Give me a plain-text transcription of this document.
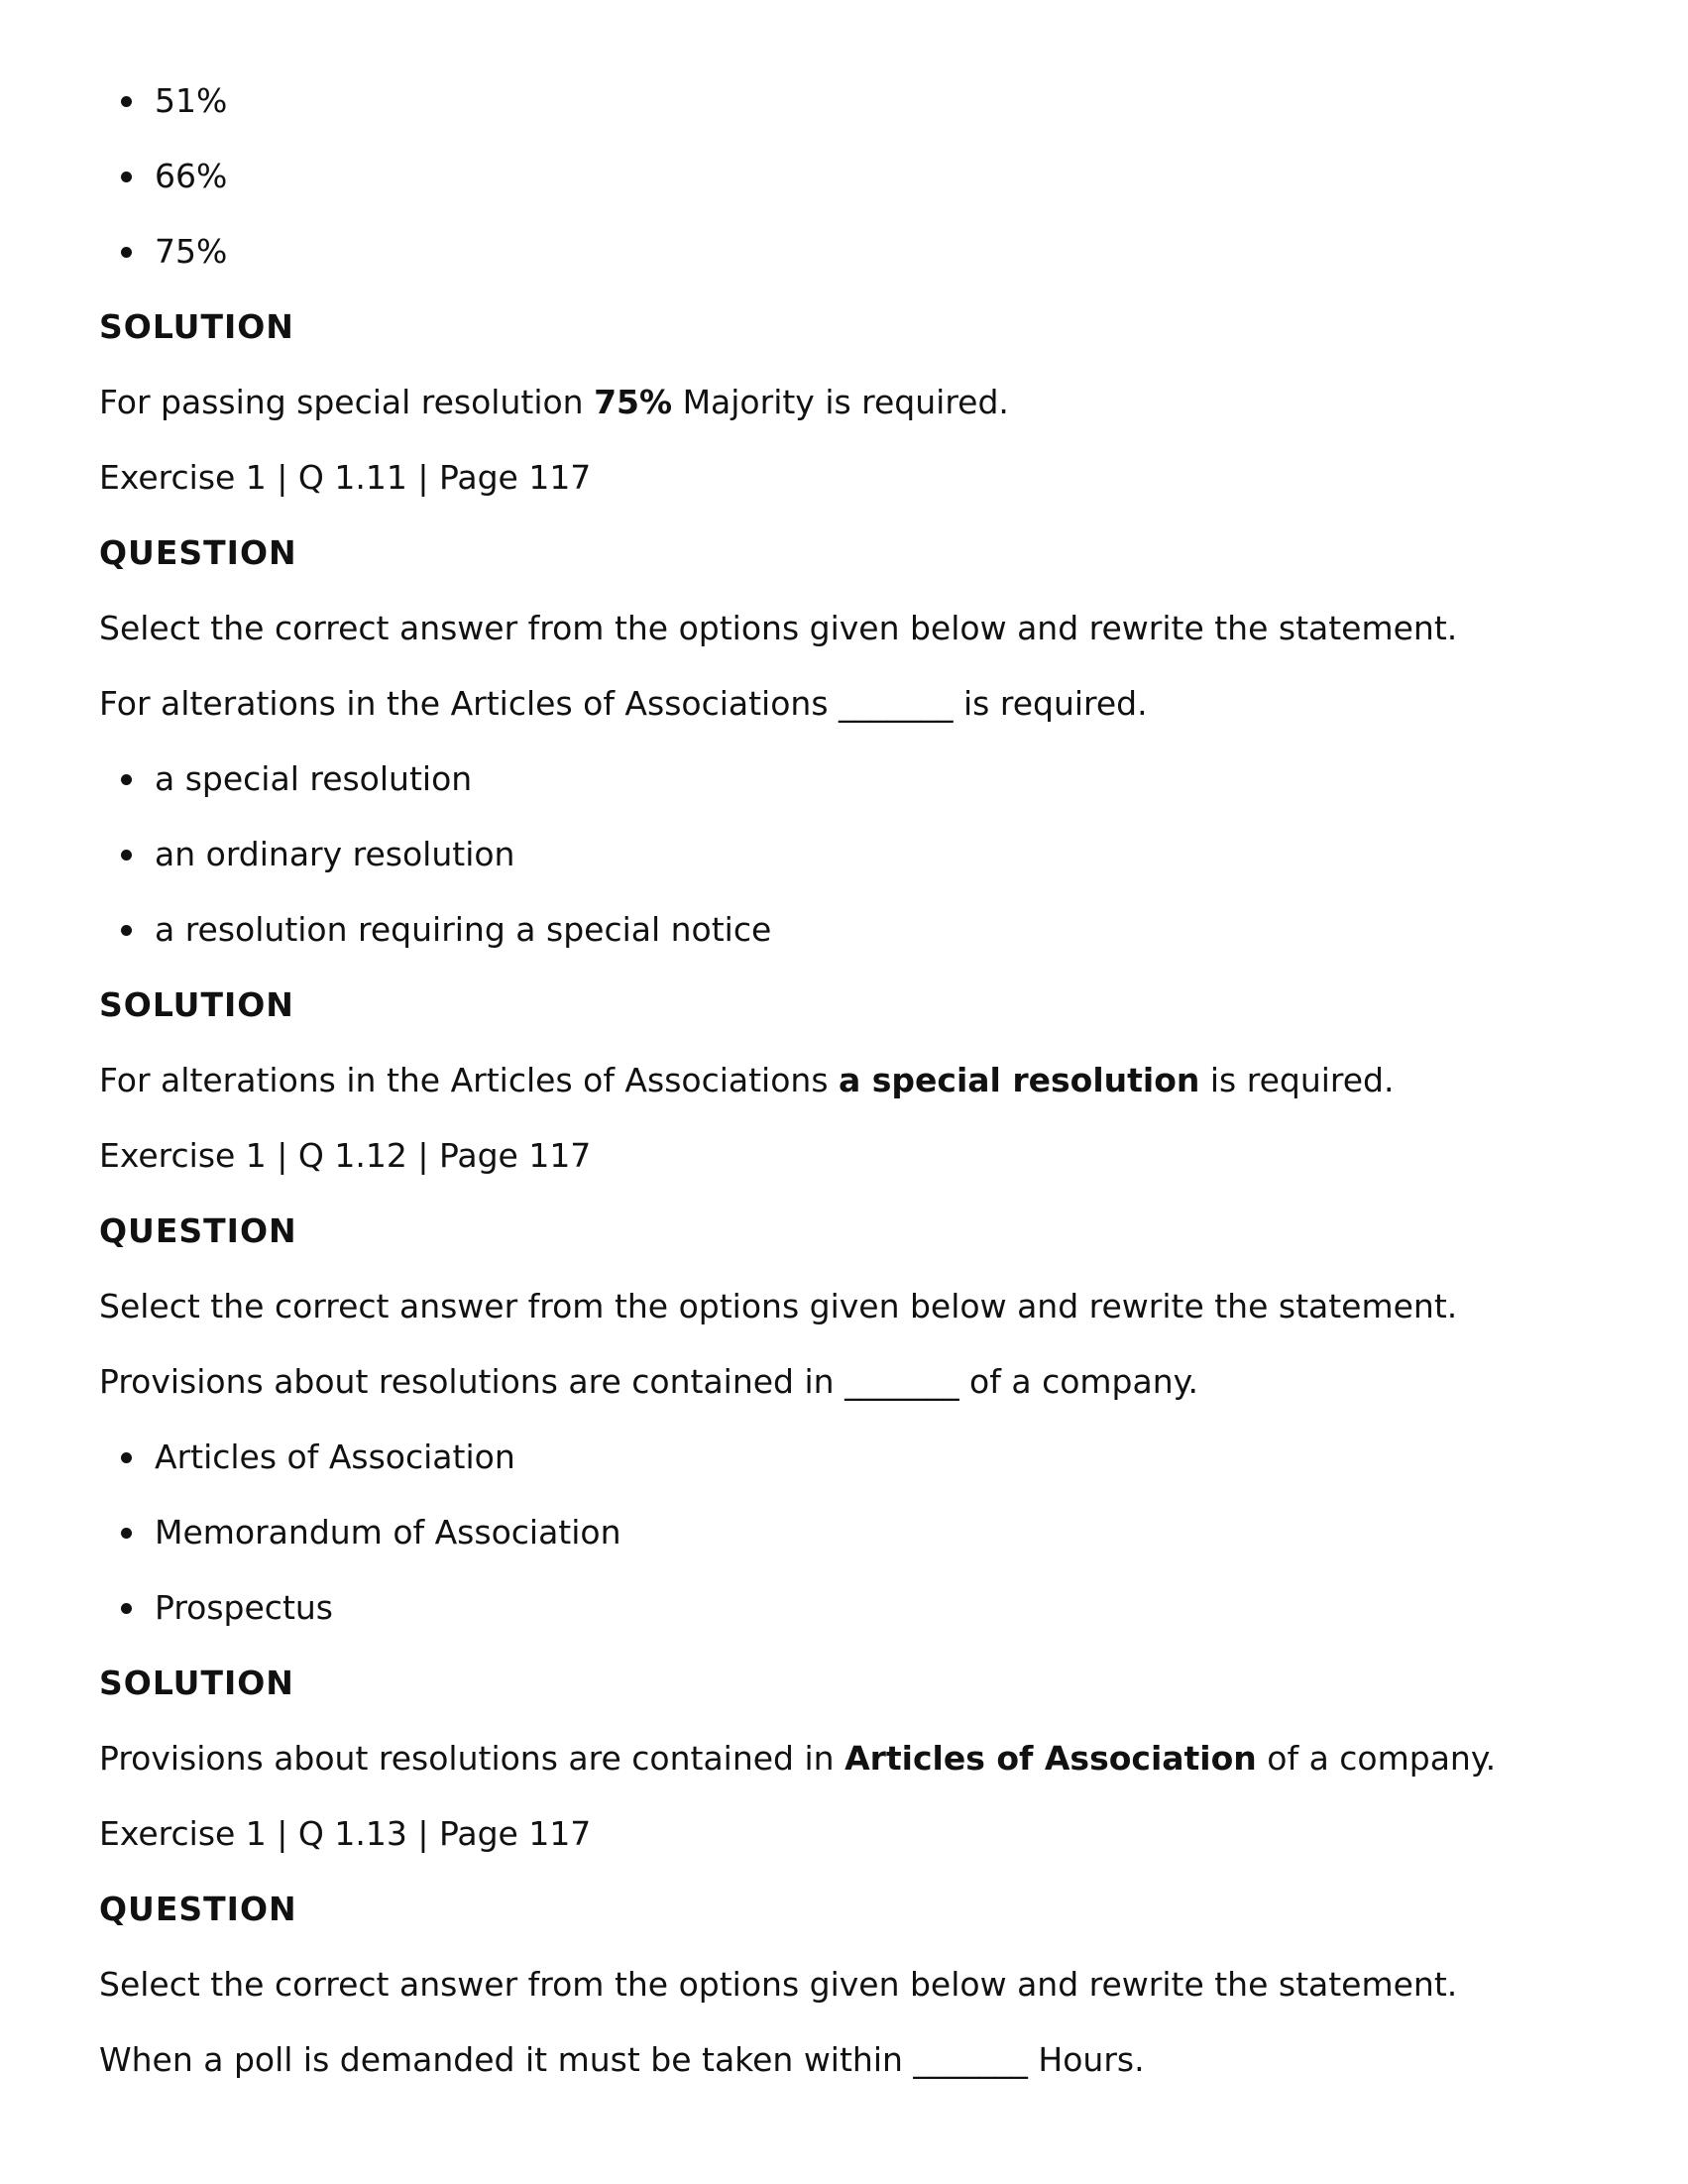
51%
66%
75%
SOLUTION
For passing special resolution 75% Majority is required.
Exercise 1 | Q 1.11 | Page 117
QUESTION
Select the correct answer from the options given below and rewrite the statement.
For alterations in the Articles of Associations _______ is required.
a special resolution
an ordinary resolution
a resolution requiring a special notice
SOLUTION
For alterations in the Articles of Associations a special resolution is required.
Exercise 1 | Q 1.12 | Page 117
QUESTION
Select the correct answer from the options given below and rewrite the statement.
Provisions about resolutions are contained in _______ of a company.
Articles of Association
Memorandum of Association
Prospectus
SOLUTION
Provisions about resolutions are contained in Articles of Association of a company.
Exercise 1 | Q 1.13 | Page 117
QUESTION
Select the correct answer from the options given below and rewrite the statement.
When a poll is demanded it must be taken within _______ Hours.
